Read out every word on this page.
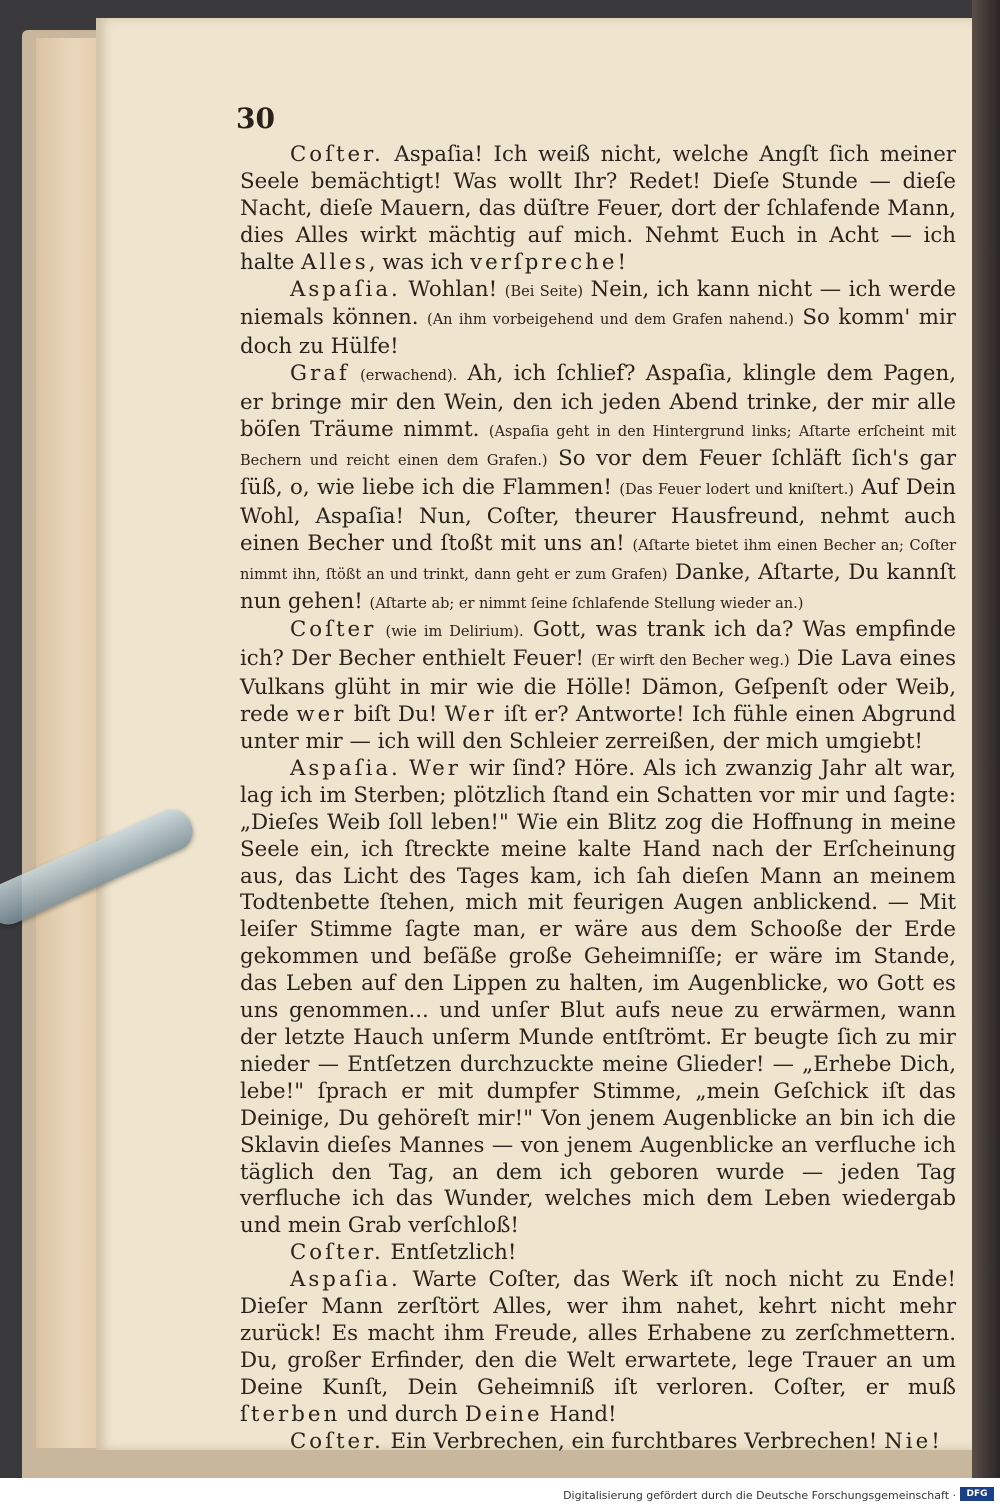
30

Coſter. Aspaſia! Ich weiß nicht, welche Angſt ſich meiner Seele bemächtigt! Was wollt Ihr? Redet! Dieſe Stunde — dieſe Nacht, dieſe Mauern, das düſtre Feuer, dort der ſchlafende Mann, dies Alles wirkt mächtig auf mich. Nehmt Euch in Acht — ich halte Alles, was ich verſpreche!

Aspaſia. Wohlan! (Bei Seite) Nein, ich kann nicht — ich werde niemals können. (An ihm vorbeigehend und dem Grafen nahend.) So komm' mir doch zu Hülfe!

Graf (erwachend). Ah, ich ſchlief? Aspaſia, klingle dem Pagen, er bringe mir den Wein, den ich jeden Abend trinke, der mir alle böſen Träume nimmt. (Aspaſia geht in den Hintergrund links; Aſtarte erſcheint mit Bechern und reicht einen dem Grafen.) So vor dem Feuer ſchläft ſich's gar ſüß, o, wie liebe ich die Flammen! (Das Feuer lodert und kniſtert.) Auf Dein Wohl, Aspaſia! Nun, Coſter, theurer Hausfreund, nehmt auch einen Becher und ſtoßt mit uns an! (Aſtarte bietet ihm einen Becher an; Coſter nimmt ihn, ſtößt an und trinkt, dann geht er zum Grafen) Danke, Aſtarte, Du kannſt nun gehen! (Aſtarte ab; er nimmt ſeine ſchlafende Stellung wieder an.)

Coſter (wie im Delirium). Gott, was trank ich da? Was empfinde ich? Der Becher enthielt Feuer! (Er wirft den Becher weg.) Die Lava eines Vulkans glüht in mir wie die Hölle! Dämon, Geſpenſt oder Weib, rede wer biſt Du! Wer iſt er? Antworte! Ich fühle einen Abgrund unter mir — ich will den Schleier zerreißen, der mich umgiebt!

Aspaſia. Wer wir ſind? Höre. Als ich zwanzig Jahr alt war, lag ich im Sterben; plötzlich ſtand ein Schatten vor mir und ſagte: „Dieſes Weib ſoll leben!" Wie ein Blitz zog die Hoffnung in meine Seele ein, ich ſtreckte meine kalte Hand nach der Erſcheinung aus, das Licht des Tages kam, ich ſah dieſen Mann an meinem Todtenbette ſtehen, mich mit feurigen Augen anblickend. — Mit leiſer Stimme ſagte man, er wäre aus dem Schooße der Erde gekommen und beſäße große Geheimniſſe; er wäre im Stande, das Leben auf den Lippen zu halten, im Augenblicke, wo Gott es uns genommen... und unſer Blut aufs neue zu erwärmen, wann der letzte Hauch unſerm Munde entſtrömt. Er beugte ſich zu mir nieder — Entſetzen durchzuckte meine Glieder! — „Erhebe Dich, lebe!" ſprach er mit dumpfer Stimme, „mein Geſchick iſt das Deinige, Du gehöreſt mir!" Von jenem Augenblicke an bin ich die Sklavin dieſes Mannes — von jenem Augenblicke an verfluche ich täglich den Tag, an dem ich geboren wurde — jeden Tag verfluche ich das Wunder, welches mich dem Leben wiedergab und mein Grab verſchloß!

Coſter. Entſetzlich!

Aspaſia. Warte Coſter, das Werk iſt noch nicht zu Ende! Dieſer Mann zerſtört Alles, wer ihm nahet, kehrt nicht mehr zurück! Es macht ihm Freude, alles Erhabene zu zerſchmettern. Du, großer Erfinder, den die Welt erwartete, lege Trauer an um Deine Kunſt, Dein Geheimniß iſt verloren. Coſter, er muß ſterben und durch Deine Hand!

Coſter. Ein Verbrechen, ein furchtbares Verbrechen! Nie!

Digitalisierung gefördert durch die Deutsche Forschungsgemeinschaft ·	DFG
